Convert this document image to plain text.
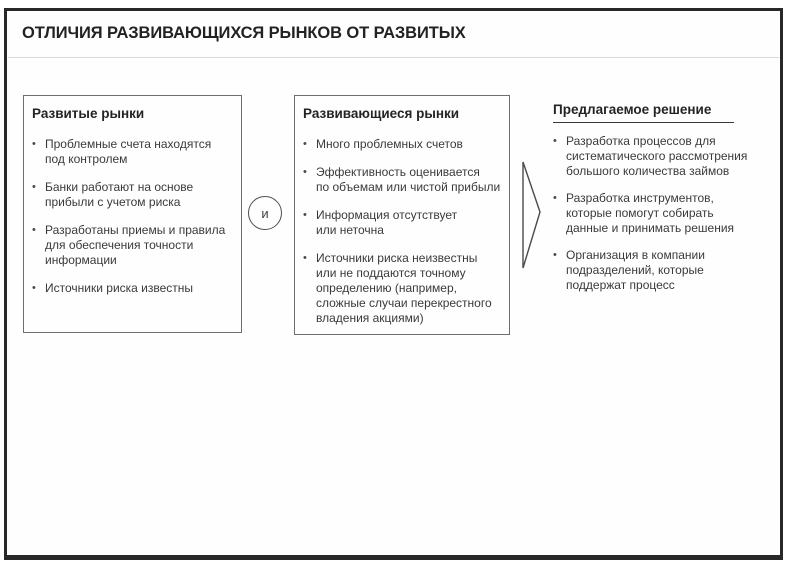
ОТЛИЧИЯ РАЗВИВАЮЩИХСЯ РЫНКОВ ОТ РАЗВИТЫХ
Развитые рынки
• Проблемные счета находятся
под контролем
• Банки работают на основе
прибыли с учетом риска
• Разработаны приемы и правила
для обеспечения точности
информации
• Источники риска известны
и
Развивающиеся рынки
• Много проблемных счетов
• Эффективность оценивается
по объемам или чистой прибыли
• Информация отсутствует
или неточна
• Источники риска неизвестны
или не поддаются точному
определению (например,
сложные случаи перекрестного
владения акциями)
Предлагаемое решение
• Разработка процессов для
систематического рассмотрения
большого количества займов
• Разработка инструментов,
которые помогут собирать
данные и принимать решения
• Организация в компании
подразделений, которые
поддержат процесс
